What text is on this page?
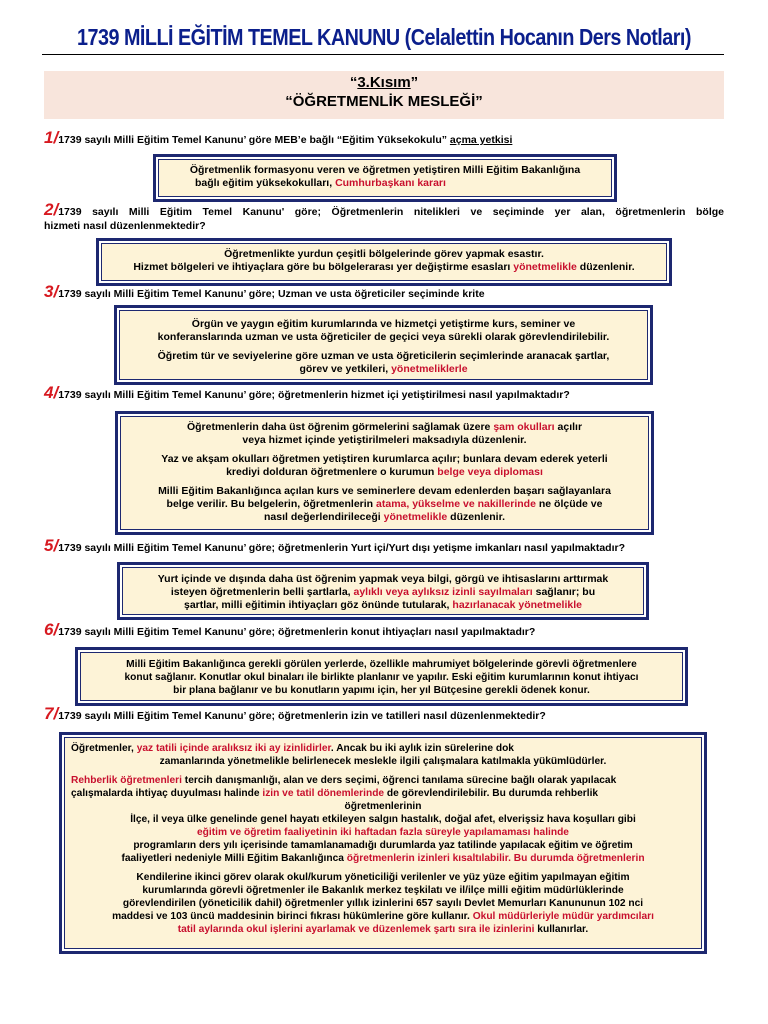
1739 MİLLİ EĞİTİM TEMEL KANUNU (Celalettin Hocanın Ders Notları)
“3.Kısım”
“ÖĞRETMENLİK MESLEĞİ”
1/1739 sayılı Milli Eğitim Temel Kanunu’ göre MEB’e bağlı “Eğitim Yüksekokulu” açma yetkisi

Öğretmenlik formasyonu veren ve öğretmen yetiştiren Milli Eğitim Bakanlığına

bağlı eğitim yüksekokulları, Cumhurbaşkanı kararı

2/1739 sayılı Milli Eğitim Temel Kanunu' göre; Öğretmenlerin nitelikleri ve seçiminde yer alan, öğretmenlerin bölge
hizmeti nasıl düzenlenmektedir?

Öğretmenlikte yurdun çeşitli bölgelerinde görev yapmak esastır.

Hizmet bölgeleri ve ihtiyaçlara göre bu bölgelerarası yer değiştirme esasları yönetmelikle düzenlenir.

3/1739 sayılı Milli Eğitim Temel Kanunu’ göre; Uzman ve usta öğreticiler seçiminde krite

Örgün ve yaygın eğitim kurumlarında ve hizmetçi yetiştirme kurs, seminer ve

konferanslarında uzman ve usta öğreticiler de geçici veya sürekli olarak görevlendirilebilir.

Öğretim tür ve seviyelerine göre uzman ve usta öğreticilerin seçimlerinde aranacak şartlar,

görev ve yetkileri, yönetmeliklerle

4/1739 sayılı Milli Eğitim Temel Kanunu’ göre; öğretmenlerin hizmet içi yetiştirilmesi nasıl yapılmaktadır?

Öğretmenlerin daha üst öğrenim görmelerini sağlamak üzere şam okulları açılır

veya hizmet içinde yetiştirilmeleri maksadıyla düzenlenir.

Yaz ve akşam okulları öğretmen yetiştiren kurumlarca açılır; bunlara devam ederek yeterli

krediyi dolduran öğretmenlere o kurumun belge veya diploması

Milli Eğitim Bakanlığınca açılan kurs ve seminerlere devam edenlerden başarı sağlayanlara

belge verilir. Bu belgelerin, öğretmenlerin atama, yükselme ve nakillerinde ne ölçüde ve

nasıl değerlendirileceği yönetmelikle düzenlenir.

5/1739 sayılı Milli Eğitim Temel Kanunu’ göre; öğretmenlerin Yurt içi/Yurt dışı yetişme imkanları nasıl yapılmaktadır?

Yurt içinde ve dışında daha üst öğrenim yapmak veya bilgi, görgü ve ihtisaslarını arttırmak

isteyen öğretmenlerin belli şartlarla, aylıklı veya aylıksız izinli sayılmaları sağlanır; bu

şartlar, milli eğitimin ihtiyaçları göz önünde tutularak, hazırlanacak yönetmelikle

6/1739 sayılı Milli Eğitim Temel Kanunu’ göre; öğretmenlerin konut ihtiyaçları nasıl yapılmaktadır?

Milli Eğitim Bakanlığınca gerekli görülen yerlerde, özellikle mahrumiyet bölgelerinde görevli öğretmenlere

konut sağlanır. Konutlar okul binaları ile birlikte planlanır ve yapılır. Eski eğitim kurumlarının konut ihtiyacı

bir plana bağlanır ve bu konutların yapımı için, her yıl Bütçesine gerekli ödenek konur.

7/1739 sayılı Milli Eğitim Temel Kanunu’ göre; öğretmenlerin izin ve tatilleri nasıl düzenlenmektedir?

Öğretmenler, yaz tatili içinde aralıksız iki ay izinlidirler. Ancak bu iki aylık izin sürelerine dok

zamanlarında yönetmelikle belirlenecek meslekle ilgili çalışmalara katılmakla yükümlüdürler.

Rehberlik öğretmenleri tercih danışmanlığı, alan ve ders seçimi, öğrenci tanılama sürecine bağlı olarak yapılacak

çalışmalarda ihtiyaç duyulması halinde izin ve tatil dönemlerinde de görevlendirilebilir. Bu durumda rehberlik

öğretmenlerinin

İlçe, il veya ülke genelinde genel hayatı etkileyen salgın hastalık, doğal afet, elverişsiz hava koşulları gibi

eğitim ve öğretim faaliyetinin iki haftadan fazla süreyle yapılamaması halinde

programların ders yılı içerisinde tamamlanamadığı durumlarda yaz tatilinde yapılacak eğitim ve öğretim

faaliyetleri nedeniyle Milli Eğitim Bakanlığınca öğretmenlerin izinleri kısaltılabilir. Bu durumda öğretmenlerin

Kendilerine ikinci görev olarak okul/kurum yöneticiliği verilenler ve yüz yüze eğitim yapılmayan eğitim

kurumlarında görevli öğretmenler ile Bakanlık merkez teşkilatı ve il/ilçe milli eğitim müdürlüklerinde

görevlendirilen (yöneticilik dahil) öğretmenler yıllık izinlerini 657 sayılı Devlet Memurları Kanununun 102 nci

maddesi ve 103 üncü maddesinin birinci fıkrası hükümlerine göre kullanır. Okul müdürleriyle müdür yardımcıları

tatil aylarında okul işlerini ayarlamak ve düzenlemek şartı sıra ile izinlerini kullanırlar.
